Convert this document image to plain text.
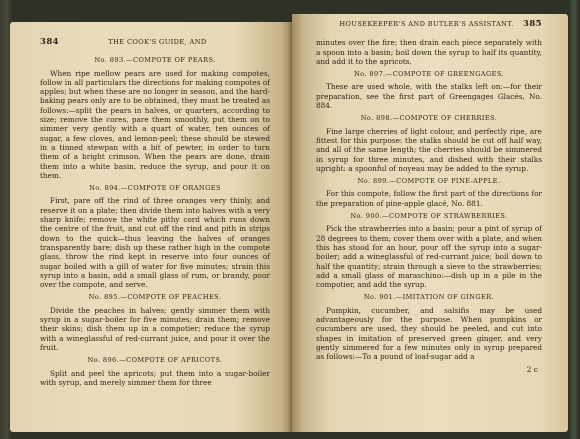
384	THE COOK'S GUIDE, AND
No. 893.—COMPOTE OF PEARS.

When ripe mellow pears are used for making compotes, follow in all particulars the directions for making compotes of apples; but when these are no longer in season, and the hard-baking pears only are to be obtained, they must be treated as follows:—split the pears in halves, or quarters, according to size; remove the cores, pare them smoothly, put them on to simmer very gently with a quart of water, ten ounces of sugar, a few cloves, and lemon-peel; these should be stewed in a tinned stewpan with a bit of pewter, in order to turn them of a bright crimson. When the pears are done, drain them into a white basin, reduce the syrup, and pour it on them.

No. 894.—COMPOTE OF ORANGES

First, pare off the rind of three oranges very thinly, and reserve it on a plate; then divide them into halves with a very sharp knife; remove the white pithy cord which runs down the centre of the fruit, and cut off the rind and pith in strips down to the quick—thus leaving the halves of oranges transparently bare; dish up these rather high in the compote glass, throw the rind kept in reserve into four ounces of sugar boiled with a gill of water for five minutes; strain this syrup into a basin, add a small glass of rum, or brandy, pour over the compote, and serve.

No. 895.—COMPOTE OF PEACHES.

Divide the peaches in halves; gently simmer them with syrup in a sugar-boiler for five minutes; drain them; remove their skins; dish them up in a compotier; reduce the syrup with a wineglassful of red-currant juice, and pour it over the fruit.

No. 896.—COMPOTE OF APRICOTS.

Split and peel the apricots; put them into a sugar-boiler with syrup, and merely simmer them for three

HOUSEKEEPER'S AND BUTLER'S ASSISTANT.	385

minutes over the fire; then drain each piece separately with a spoon into a basin; boil down the syrup to half its quantity, and add it to the apricots.

No. 897.—COMPOTE OF GREENGAGES.

These are used whole, with the stalks left on:—for their preparation, see the first part of Greengages Glacés, No. 884.

No. 898.—COMPOTE OF CHERRIES.

Fine large cherries of light colour, and perfectly ripe, are fittest for this purpose: the stalks should be cut off half way, and all of the same length; the cherries should be simmered in syrup for three minutes, and dished with their stalks upright: a spoonful of noyeau may be added to the syrup.

No. 899.—COMPOTE OF PINE-APPLE.

For this compote, follow the first part of the directions for the preparation of pine-apple glacé, No. 881.

No. 900.—COMPOTE OF STRAWBERRIES.

Pick the strawberries into a basin; pour a pint of syrup of 28 degrees to them; cover them over with a plate, and when this has stood for an hour, pour off the syrup into a sugar-boiler; add a wineglassful of red-currant juice; boil down to half the quantity; strain through a sieve to the strawberries; add a small glass of maraschino:—dish up in a pile in the compotier, and add the syrup.

No. 901.—IMITATION OF GINGER.

Pumpkin, cucumber, and salsifis may be used advantageously for the purpose. When pumpkins or cucumbers are used, they should be peeled, and cut into shapes in imitation of preserved green ginger, and very gently simmered for a few minutes only in syrup prepared as follows:—To a pound of loaf-sugar add a

2 c
